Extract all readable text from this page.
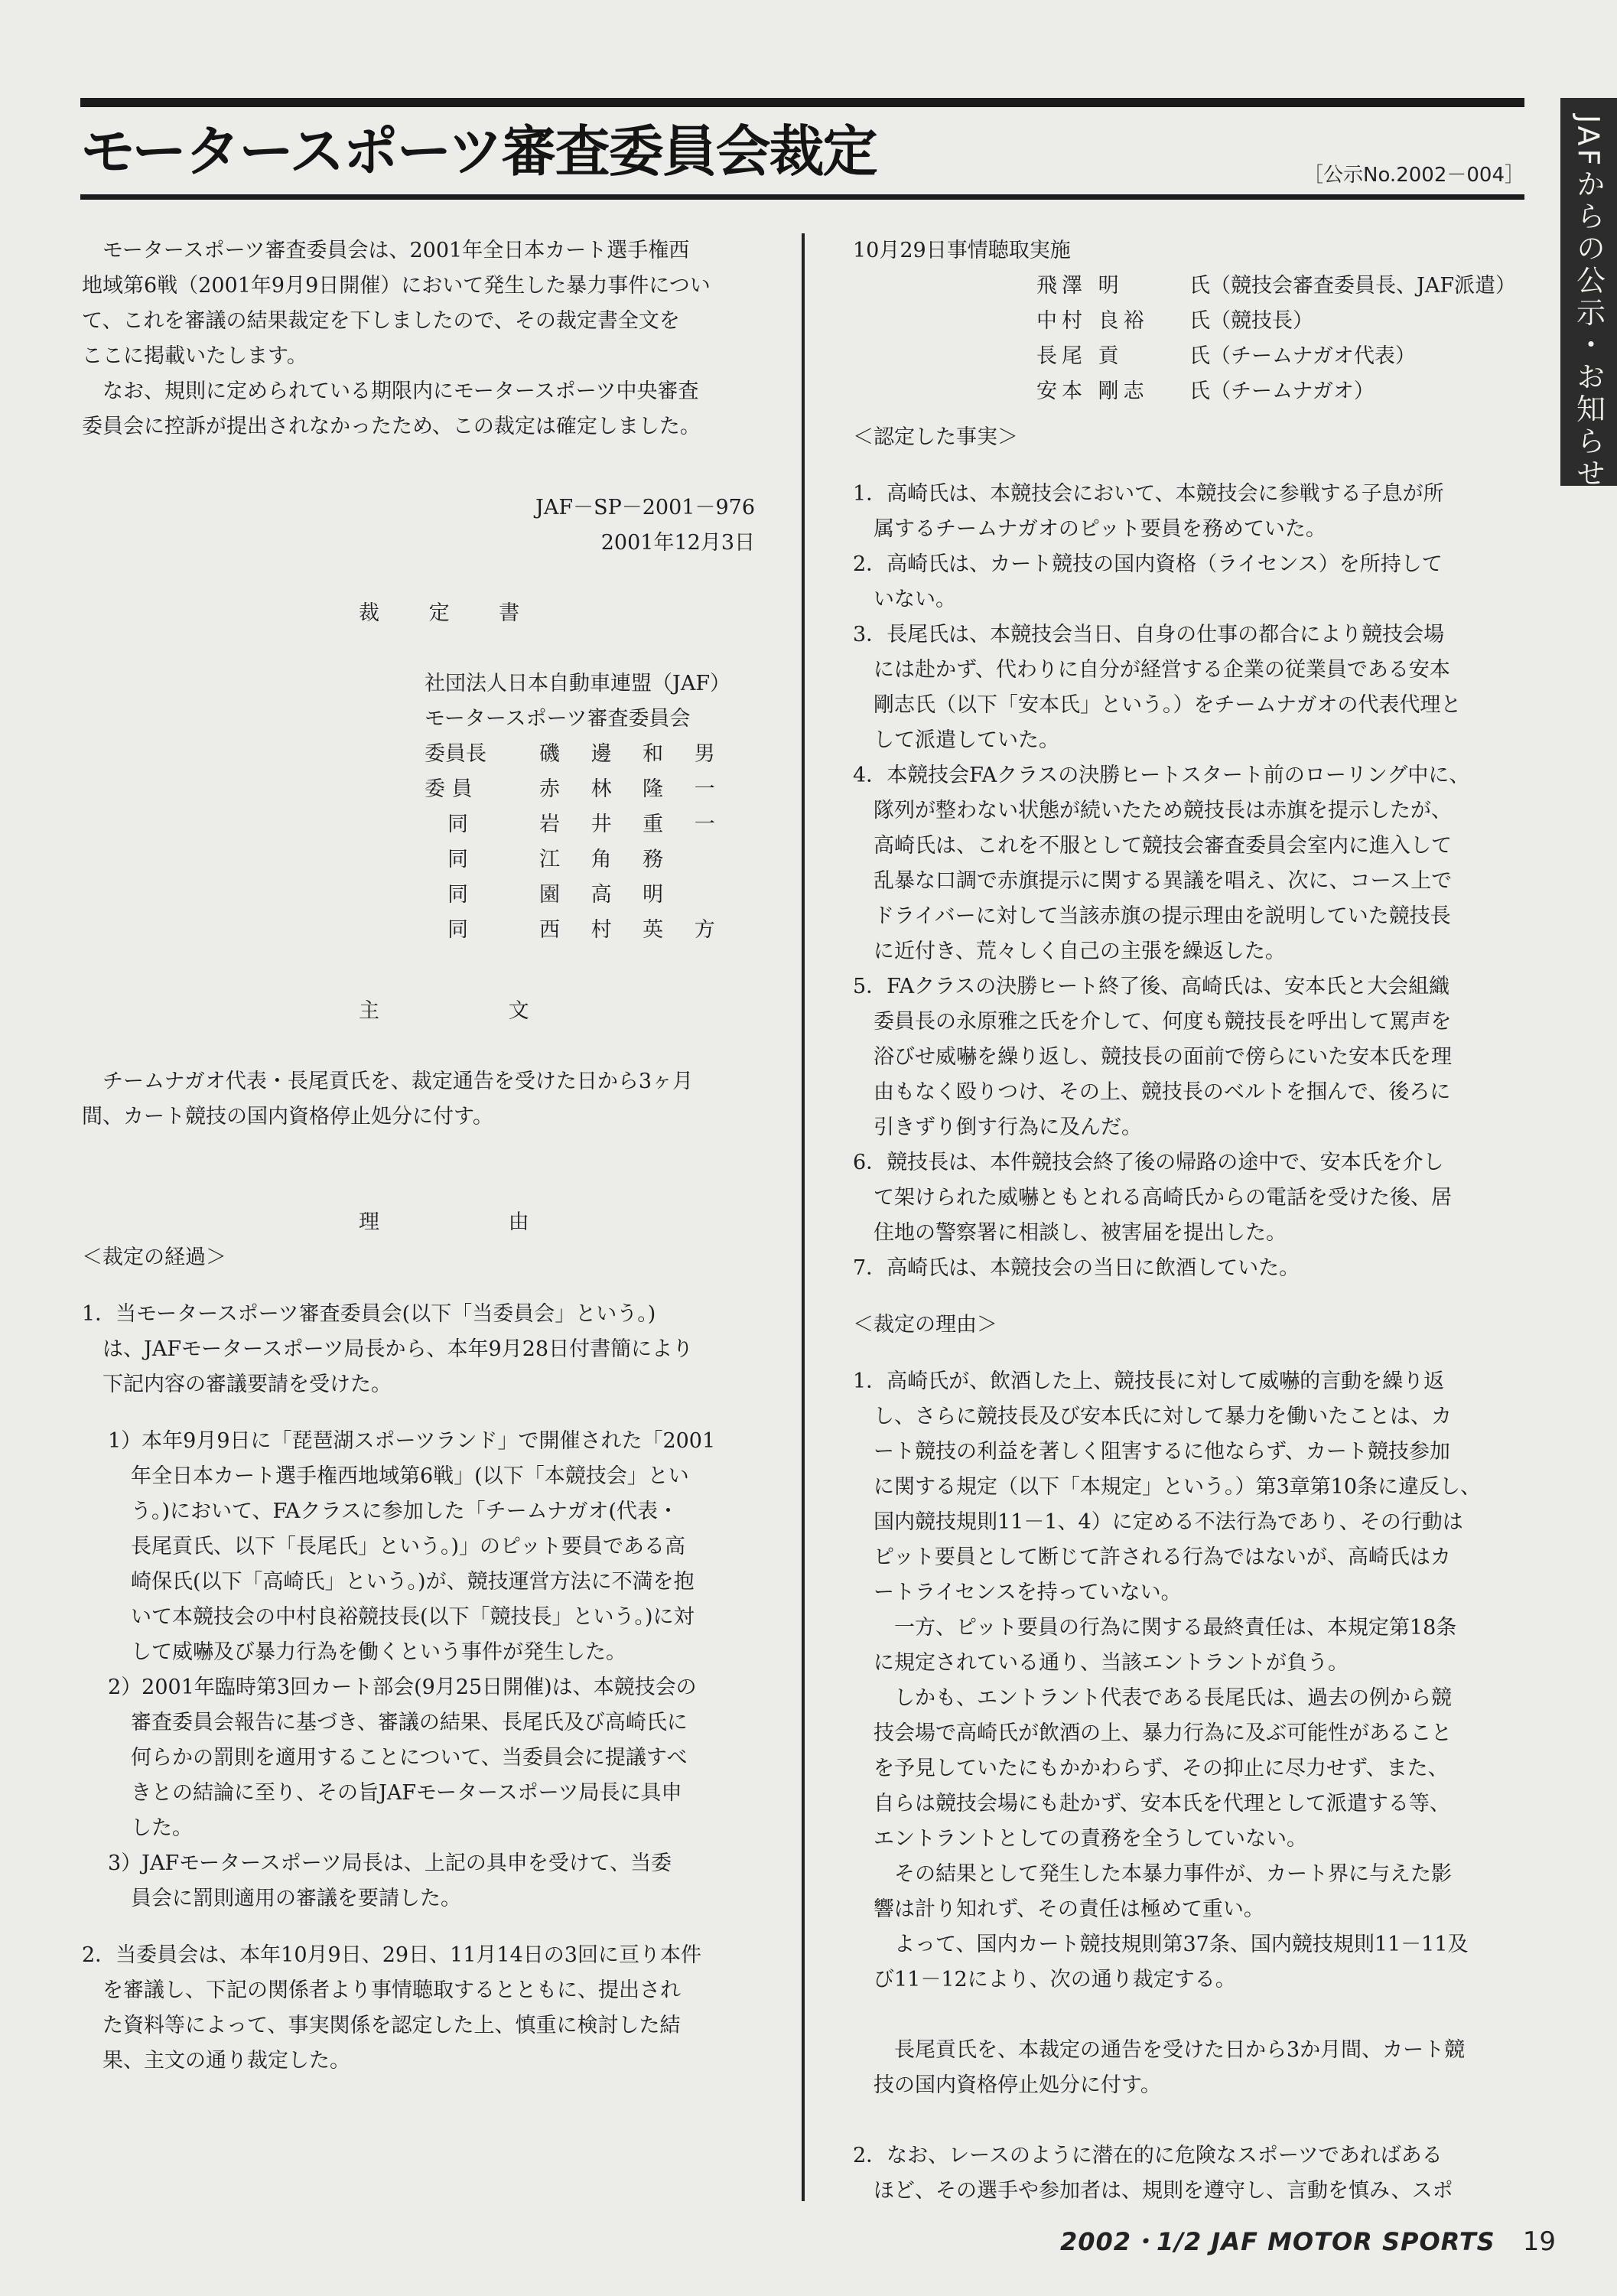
モータースポーツ審査委員会裁定	［公示No.2002－004］ JAFからの公示・お知らせ

モータースポーツ審査委員会は、2001年全日本カート選手権西

地域第6戦（2001年9月9日開催）において発生した暴力事件につい

て、これを審議の結果裁定を下しましたので、その裁定書全文を

ここに掲載いたします。

なお、規則に定められている期限内にモータースポーツ中央審査

委員会に控訴が提出されなかったため、この裁定は確定しました。

JAF－SP－2001－976

2001年12月3日

裁 定 書

社団法人日本自動車連盟（JAF）

モータースポーツ審査委員会

委員長	磯 邊 和 男
委 員	赤 林 隆 一
同	岩 井 重 一
同	江 角 務
同	園 高 明
同	西 村 英 方

主 文

チームナガオ代表・長尾貢氏を、裁定通告を受けた日から3ヶ月

間、カート競技の国内資格停止処分に付す。

理 由

＜裁定の経過＞

1．当モータースポーツ審査委員会(以下「当委員会」という。)

は、JAFモータースポーツ局長から、本年9月28日付書簡により

下記内容の審議要請を受けた。

1）本年9月9日に「琵琶湖スポーツランド」で開催された「2001

年全日本カート選手権西地域第6戦」(以下「本競技会」とい

う。)において、FAクラスに参加した「チームナガオ(代表・

長尾貢氏、以下「長尾氏」という。)」のピット要員である高

崎保氏(以下「高崎氏」という。)が、競技運営方法に不満を抱

いて本競技会の中村良裕競技長(以下「競技長」という。)に対

して威嚇及び暴力行為を働くという事件が発生した。

2）2001年臨時第3回カート部会(9月25日開催)は、本競技会の

審査委員会報告に基づき、審議の結果、長尾氏及び高崎氏に

何らかの罰則を適用することについて、当委員会に提議すべ

きとの結論に至り、その旨JAFモータースポーツ局長に具申

した。

3）JAFモータースポーツ局長は、上記の具申を受けて、当委

員会に罰則適用の審議を要請した。

2．当委員会は、本年10月9日、29日、11月14日の3回に亘り本件

を審議し、下記の関係者より事情聴取するとともに、提出され

た資料等によって、事実関係を認定した上、慎重に検討した結

果、主文の通り裁定した。

10月29日事情聴取実施

飛澤 明	氏（競技会審査委員長、JAF派遣）
中村 良裕	氏（競技長）
長尾 貢	氏（チームナガオ代表）
安本 剛志	氏（チームナガオ）

＜認定した事実＞

1．高崎氏は、本競技会において、本競技会に参戦する子息が所

属するチームナガオのピット要員を務めていた。

2．高崎氏は、カート競技の国内資格（ライセンス）を所持して

いない。

3．長尾氏は、本競技会当日、自身の仕事の都合により競技会場

には赴かず、代わりに自分が経営する企業の従業員である安本

剛志氏（以下「安本氏」という。）をチームナガオの代表代理と

して派遣していた。

4．本競技会FAクラスの決勝ヒートスタート前のローリング中に、

隊列が整わない状態が続いたため競技長は赤旗を提示したが、

高崎氏は、これを不服として競技会審査委員会室内に進入して

乱暴な口調で赤旗提示に関する異議を唱え、次に、コース上で

ドライバーに対して当該赤旗の提示理由を説明していた競技長

に近付き、荒々しく自己の主張を繰返した。

5．FAクラスの決勝ヒート終了後、高崎氏は、安本氏と大会組織

委員長の永原雅之氏を介して、何度も競技長を呼出して罵声を

浴びせ威嚇を繰り返し、競技長の面前で傍らにいた安本氏を理

由もなく殴りつけ、その上、競技長のベルトを掴んで、後ろに

引きずり倒す行為に及んだ。

6．競技長は、本件競技会終了後の帰路の途中で、安本氏を介し

て架けられた威嚇ともとれる高崎氏からの電話を受けた後、居

住地の警察署に相談し、被害届を提出した。

7．高崎氏は、本競技会の当日に飲酒していた。

＜裁定の理由＞

1．高崎氏が、飲酒した上、競技長に対して威嚇的言動を繰り返

し、さらに競技長及び安本氏に対して暴力を働いたことは、カ

ート競技の利益を著しく阻害するに他ならず、カート競技参加

に関する規定（以下「本規定」という。）第3章第10条に違反し、

国内競技規則11－1、4）に定める不法行為であり、その行動は

ピット要員として断じて許される行為ではないが、高崎氏はカ

ートライセンスを持っていない。

一方、ピット要員の行為に関する最終責任は、本規定第18条

に規定されている通り、当該エントラントが負う。

しかも、エントラント代表である長尾氏は、過去の例から競

技会場で高崎氏が飲酒の上、暴力行為に及ぶ可能性があること

を予見していたにもかかわらず、その抑止に尽力せず、また、

自らは競技会場にも赴かず、安本氏を代理として派遣する等、

エントラントとしての責務を全うしていない。

その結果として発生した本暴力事件が、カート界に与えた影

響は計り知れず、その責任は極めて重い。

よって、国内カート競技規則第37条、国内競技規則11－11及

び11－12により、次の通り裁定する。

長尾貢氏を、本裁定の通告を受けた日から3か月間、カート競

技の国内資格停止処分に付す。

2．なお、レースのように潜在的に危険なスポーツであればある

ほど、その選手や参加者は、規則を遵守し、言動を慎み、スポ

2002・1/2 JAF MOTOR SPORTS 19
